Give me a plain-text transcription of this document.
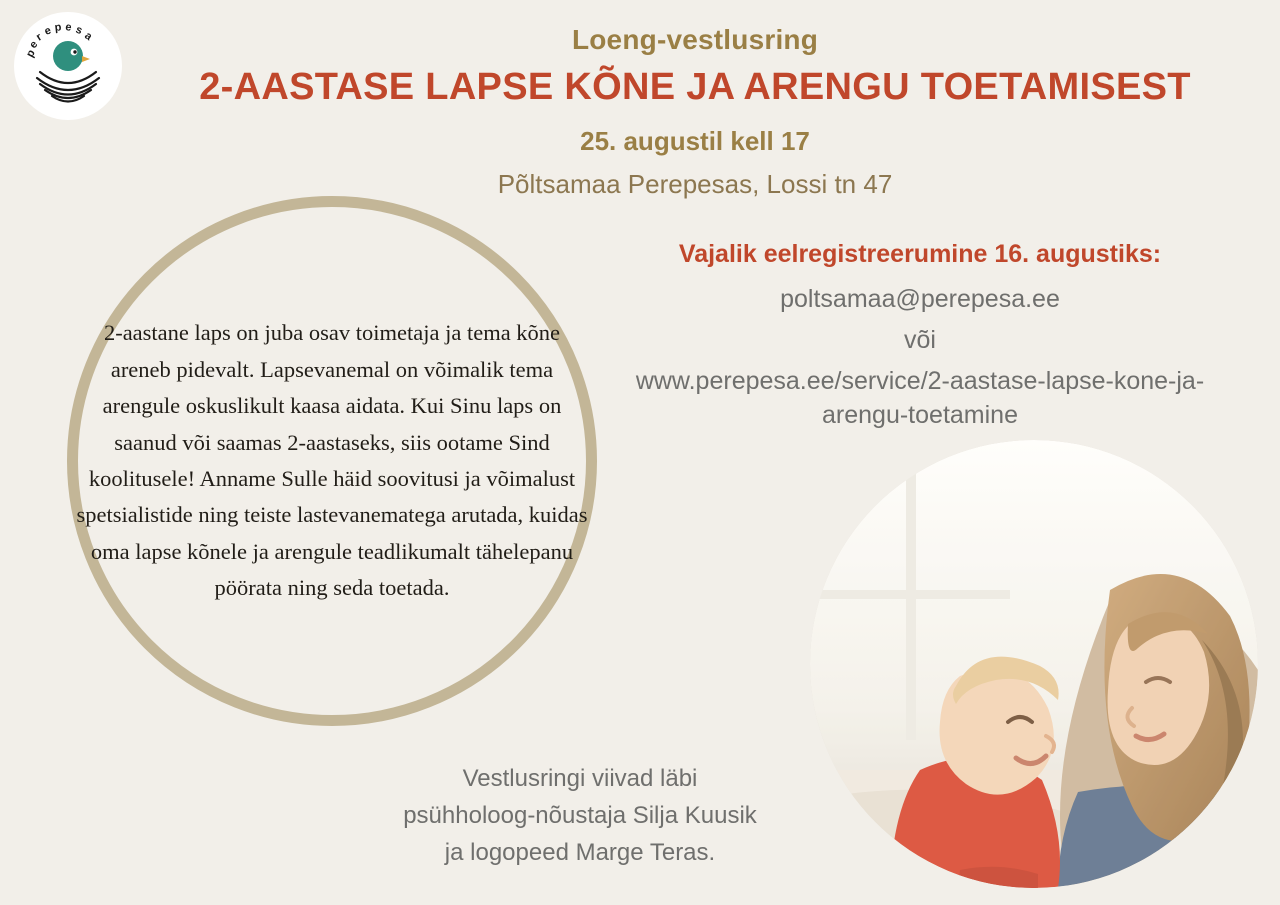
p
e
r
e p e s
a	Loeng-vestlusring
2-AASTASE LAPSE KÕNE JA ARENGU TOETAMISEST
25. augustil kell 17
Põltsamaa Perepesas, Lossi tn 47

2-aastane laps on juba osav toimetaja ja tema kõne areneb pidevalt. Lapsevanemal on võimalik tema arengule oskuslikult kaasa aidata. Kui Sinu laps on saanud või saamas 2-aastaseks, siis ootame Sind koolitusele! Anname Sulle häid soovitusi ja võimalust spetsialistide ning teiste lastevanematega arutada, kuidas oma lapse kõnele ja arengule teadlikumalt tähelepanu pöörata ning seda toetada.

Vajalik eelregistreerumine 16. augustiks:
poltsamaa@perepesa.ee
või
www.perepesa.ee/service/2-aastase-lapse-kone-ja-arengu-toetamine
Vestlusringi viivad läbi
psühholoog-nõustaja Silja Kuusik
ja logopeed Marge Teras.
